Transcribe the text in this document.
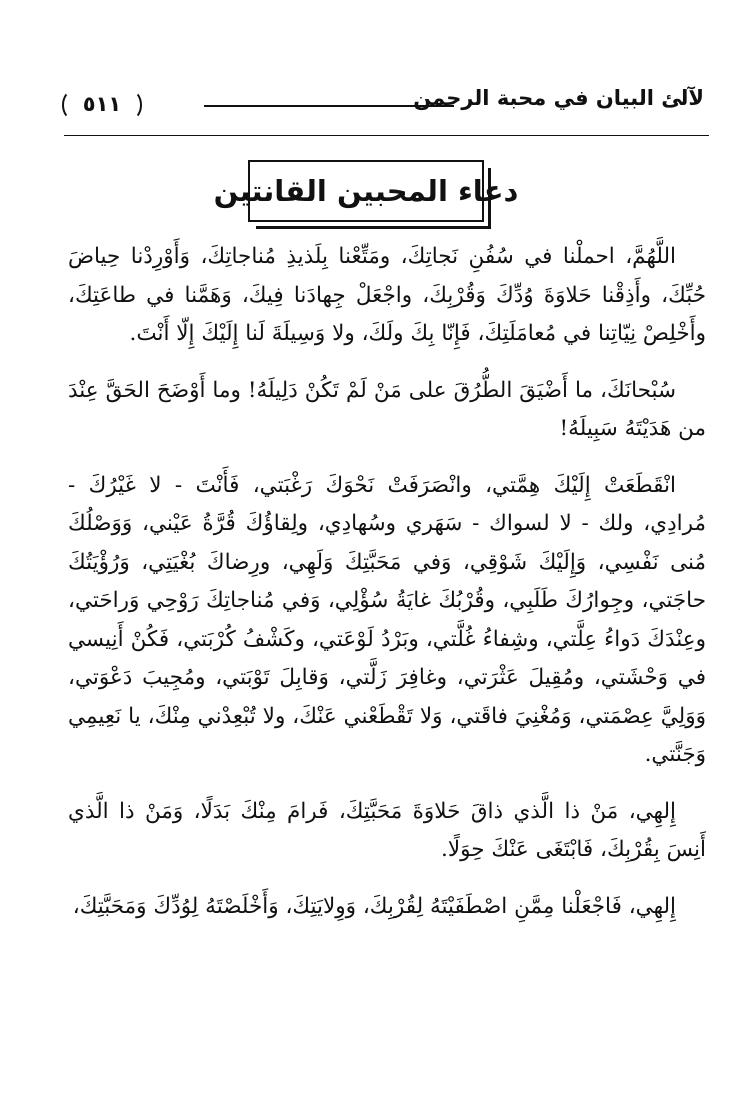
٥١١	لآلئ البيان في محبة الرحمن
دعاء المحبين القانتين

اللَّهُمَّ، احملْنا في سُفُنِ نَجاتِكَ، ومَتِّعْنا بِلَذيذِ مُناجاتِكَ، وَأَوْرِدْنا حِياضَ حُبِّكَ، وأَذِقْنا حَلاوَةَ وُدِّكَ وَقُرْبِكَ، واجْعَلْ جِهادَنا فِيكَ، وَهَمَّنا في طاعَتِكَ، وأَخْلِصْ نِيّاتِنا في مُعامَلَتِكَ، فَإِنّا بِكَ ولَكَ، ولا وَسِيلَةَ لَنا إِلَيْكَ إِلّا أَنْتَ.

سُبْحانَكَ، ما أَضْيَقَ الطُّرُقَ على مَنْ لَمْ تَكُنْ دَلِيلَهُ! وما أَوْضَحَ الحَقَّ عِنْدَ من هَدَيْتَهُ سَبِيلَهُ!

انْقَطَعَتْ إِلَيْكَ هِمَّتي، وانْصَرَفَتْ نَحْوَكَ رَغْبَتي، فَأَنْتَ - لا غَيْرُكَ - مُرادِي، ولك - لا لسواك - سَهَري وسُهادِي، ولِقاؤُكَ قُرَّةُ عَيْني، وَوَصْلُكَ مُنى نَفْسِي، وَإِلَيْكَ شَوْقِي، وَفي مَحَبَّتِكَ وَلَهِي، ورِضاكَ بُغْيَتِي، وَرُؤْيَتُكَ حاجَتي، وجِوارُكَ طَلَبِي، وقُرْبُكَ غايَةُ سُؤْلِي، وَفي مُناجاتِكَ رَوْحِي وَراحَتي، وعِنْدَكَ دَواءُ عِلَّتي، وشِفاءُ غُلَّتي، وبَرْدُ لَوْعَتي، وكَشْفُ كُرْبَتي، فَكُنْ أَنِيسي في وَحْشَتي، ومُقِيلَ عَثْرَتي، وغافِرَ زَلَّتي، وَقابِلَ تَوْبَتي، ومُجِيبَ دَعْوَتي، وَوَلِيَّ عِصْمَتي، وَمُغْنِيَ فاقَتي، وَلا تَقْطَعْني عَنْكَ، ولا تُبْعِدْني مِنْكَ، يا نَعِيمِي وَجَنَّتي.

إِلهِي، مَنْ ذا الَّذي ذاقَ حَلاوَةَ مَحَبَّتِكَ، فَرامَ مِنْكَ بَدَلًا، وَمَنْ ذا الَّذي أَنِسَ بِقُرْبِكَ، فَابْتَغَى عَنْكَ حِوَلًا.

إِلهِي، فَاجْعَلْنا مِمَّنِ اصْطَفَيْتَهُ لِقُرْبِكَ، وَوِلايَتِكَ، وَأَخْلَصْتَهُ لِوُدِّكَ وَمَحَبَّتِكَ،
